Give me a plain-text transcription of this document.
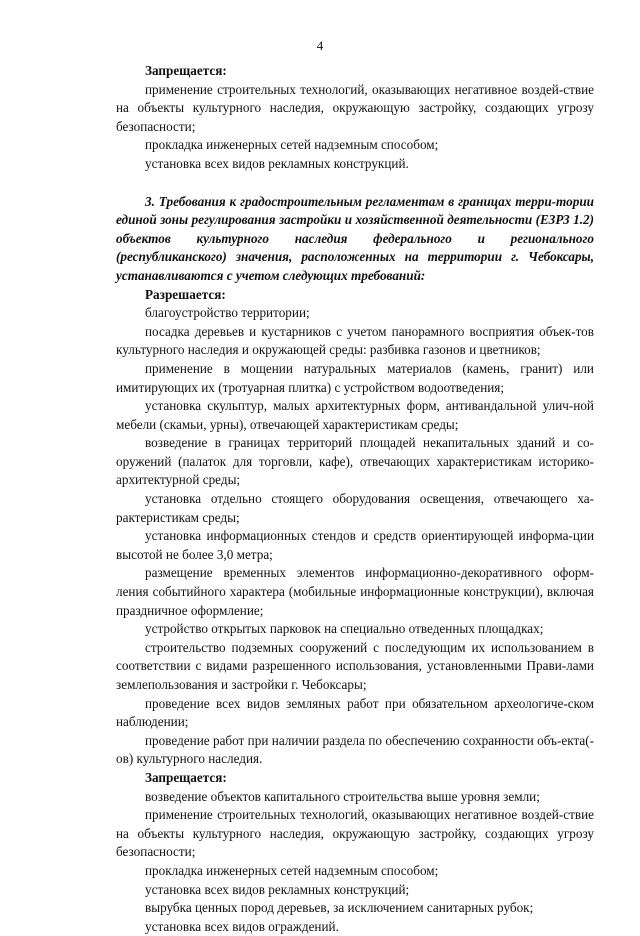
4

Запрещается:

применение строительных технологий, оказывающих негативное воздей-ствие на объекты культурного наследия, окружающую застройку, создающих угрозу безопасности;

прокладка инженерных сетей надземным способом;

установка всех видов рекламных конструкций.

3. Требования к градостроительным регламентам в границах терри-тории единой зоны регулирования застройки и хозяйственной деятельности (ЕЗРЗ 1.2) объектов культурного наследия федерального и регионального (республиканского) значения, расположенных на территории г. Чебоксары, устанавливаются с учетом следующих требований:

Разрешается:

благоустройство территории;

посадка деревьев и кустарников с учетом панорамного восприятия объек-тов культурного наследия и окружающей среды: разбивка газонов и цветников;

применение в мощении натуральных материалов (камень, гранит) или имитирующих их (тротуарная плитка) с устройством водоотведения;

установка скульптур, малых архитектурных форм, антивандальной улич-ной мебели (скамьи, урны), отвечающей характеристикам среды;

возведение в границах территорий площадей некапитальных зданий и со-оружений (палаток для торговли, кафе), отвечающих характеристикам историко-архитектурной среды;

установка отдельно стоящего оборудования освещения, отвечающего ха-рактеристикам среды;

установка информационных стендов и средств ориентирующей информа-ции высотой не более 3,0 метра;

размещение временных элементов информационно-декоративного оформ-ления событийного характера (мобильные информационные конструкции), включая праздничное оформление;

устройство открытых парковок на специально отведенных площадках;

строительство подземных сооружений с последующим их использованием в соответствии с видами разрешенного использования, установленными Прави-лами землепользования и застройки г. Чебоксары;

проведение всех видов земляных работ при обязательном археологиче-ском наблюдении;

проведение работ при наличии раздела по обеспечению сохранности объ-екта(-ов) культурного наследия.

Запрещается:

возведение объектов капитального строительства выше уровня земли;

применение строительных технологий, оказывающих негативное воздей-ствие на объекты культурного наследия, окружающую застройку, создающих угрозу безопасности;

прокладка инженерных сетей надземным способом;

установка всех видов рекламных конструкций;

вырубка ценных пород деревьев, за исключением санитарных рубок;

установка всех видов ограждений.
